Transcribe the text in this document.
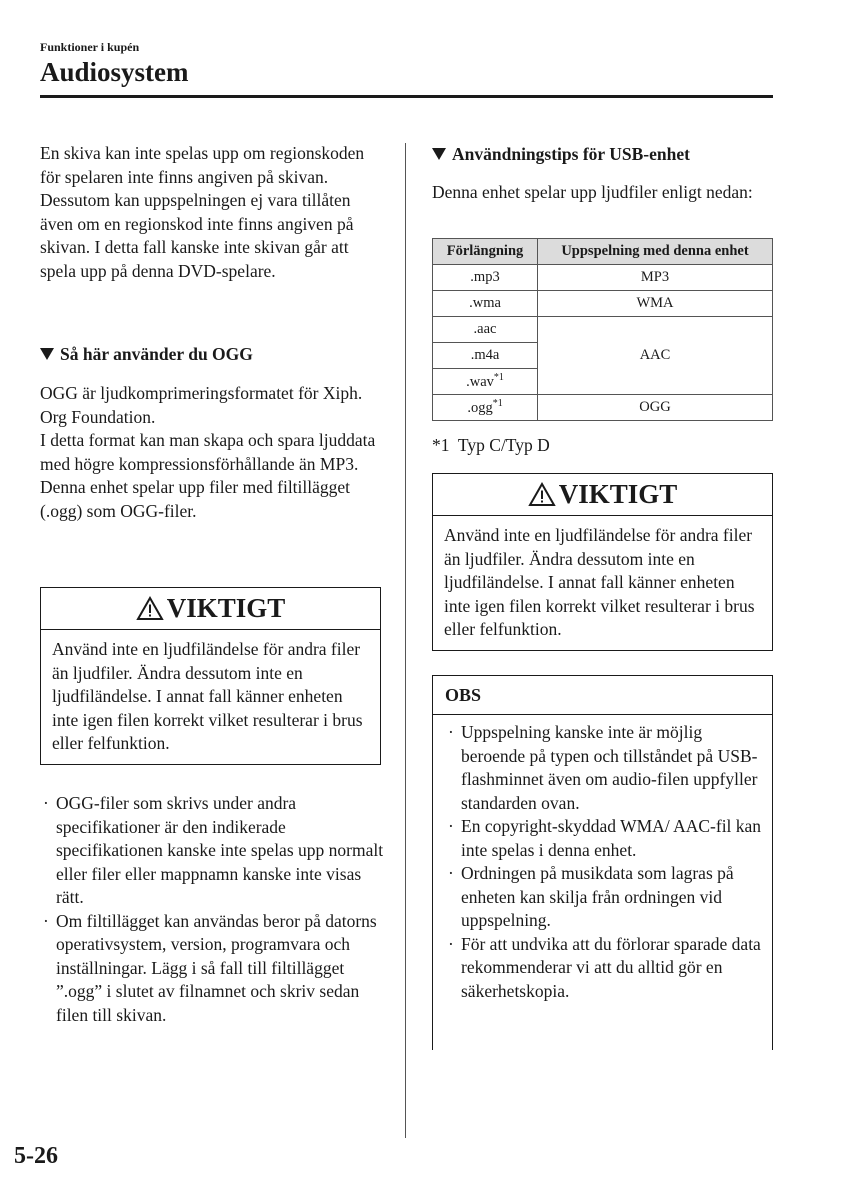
Funktioner i kupén
Audiosystem

En skiva kan inte spelas upp om regionskoden för spelaren inte finns angiven på skivan.
Dessutom kan uppspelningen ej vara tillåten även om en regionskod inte finns angiven på skivan. I detta fall kanske inte skivan går att spela upp på denna DVD-spelare.

Så här använder du OGG

OGG är ljudkomprimeringsformatet för Xiph. Org Foundation.
I detta format kan man skapa och spara ljuddata med högre kompressionsförhållande än MP3.
Denna enhet spelar upp filer med filtillägget (.ogg) som OGG-filer.

VIKTIGT
Använd inte en ljudfiländelse för andra filer än ljudfiler. Ändra dessutom inte en ljudfiländelse. I annat fall känner enheten inte igen filen korrekt vilket resulterar i brus eller felfunktion.
· OGG-filer som skrivs under andra specifikationer är den indikerade specifikationen kanske inte spelas upp normalt eller filer eller mappnamn kanske inte visas rätt.
· Om filtillägget kan användas beror på datorns operativsystem, version, programvara och inställningar. Lägg i så fall till filtillägget ”.ogg” i slutet av filnamnet och skriv sedan filen till skivan.
Användningstips för USB-enhet

Denna enhet spelar upp ljudfiler enligt nedan:

Förlängning	Uppspelning med denna enhet
.mp3	MP3
.wma	WMA
.aac	AAC
.m4a	
.wav$^{*1}$
.ogg$^{*1}$	OGG
*1  Typ C/Typ D
VIKTIGT
Använd inte en ljudfiländelse för andra filer än ljudfiler. Ändra dessutom inte en ljudfiländelse. I annat fall känner enheten inte igen filen korrekt vilket resulterar i brus eller felfunktion.
OBS
· Uppspelning kanske inte är möjlig beroende på typen och tillståndet på USB-flashminnet även om audio-filen uppfyller standarden ovan.
· En copyright-skyddad WMA/ AAC-fil kan inte spelas i denna enhet.
· Ordningen på musikdata som lagras på enheten kan skilja från ordningen vid uppspelning.
· För att undvika att du förlorar sparade data rekommenderar vi att du alltid gör en säkerhetskopia.
5-26
